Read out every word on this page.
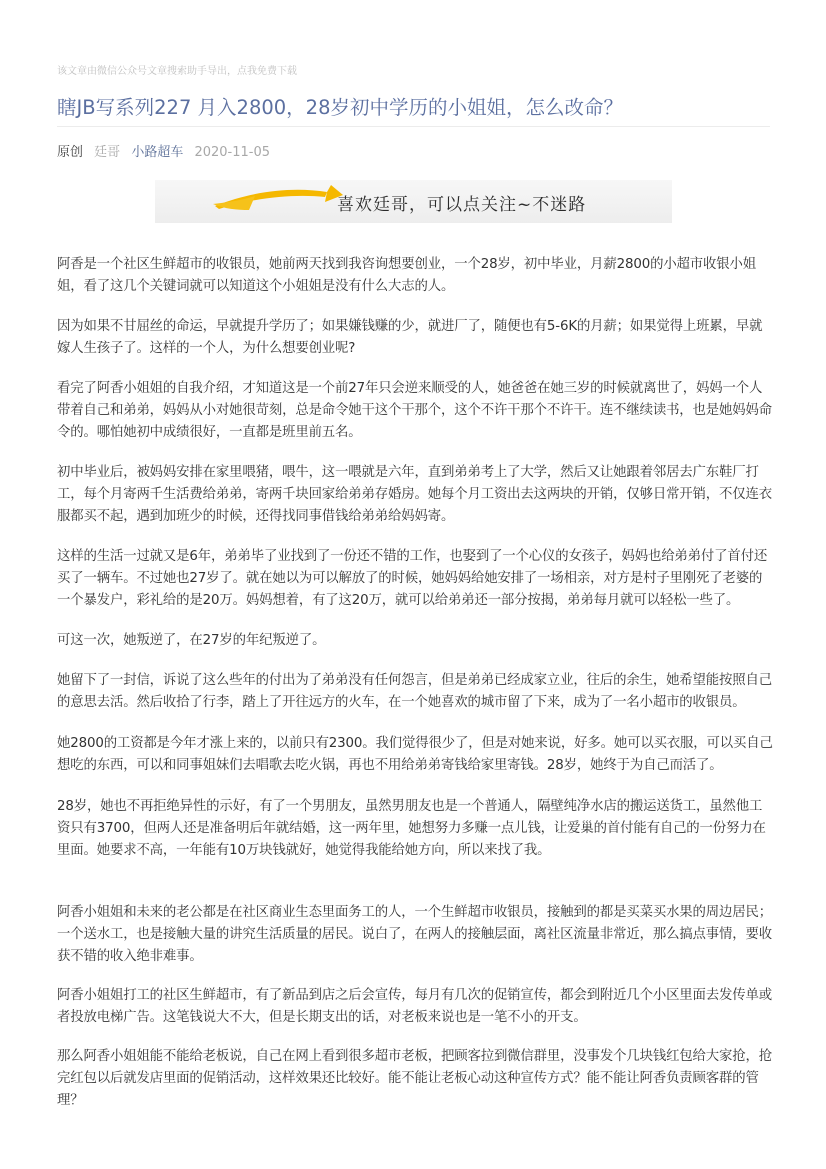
该文章由微信公众号文章搜索助手导出，点我免费下载
瞎JB写系列227 月入2800，28岁初中学历的小姐姐，怎么改命？
原创 廷哥 小路超车 2020-11-05
喜欢廷哥，可以点关注~不迷路

阿香是一个社区生鲜超市的收银员，她前两天找到我咨询想要创业，一个28岁，初中毕业，月薪2800的小超市收银小姐姐，看了这几个关键词就可以知道这个小姐姐是没有什么大志的人。

因为如果不甘屈丝的命运，早就提升学历了；如果嫌钱赚的少，就进厂了，随便也有5-6K的月薪；如果觉得上班累，早就嫁人生孩子了。这样的一个人，为什么想要创业呢?

看完了阿香小姐姐的自我介绍，才知道这是一个前27年只会逆来顺受的人，她爸爸在她三岁的时候就离世了，妈妈一个人带着自己和弟弟，妈妈从小对她很苛刻，总是命令她干这个干那个，这个不许干那个不许干。连不继续读书，也是她妈妈命令的。哪怕她初中成绩很好，一直都是班里前五名。

初中毕业后，被妈妈安排在家里喂猪，喂牛，这一喂就是六年，直到弟弟考上了大学，然后又让她跟着邻居去广东鞋厂打工，每个月寄两千生活费给弟弟，寄两千块回家给弟弟存婚房。她每个月工资出去这两块的开销，仅够日常开销，不仅连衣服都买不起，遇到加班少的时候，还得找同事借钱给弟弟给妈妈寄。

这样的生活一过就又是6年，弟弟毕了业找到了一份还不错的工作，也娶到了一个心仪的女孩子，妈妈也给弟弟付了首付还买了一辆车。不过她也27岁了。就在她以为可以解放了的时候，她妈妈给她安排了一场相亲，对方是村子里刚死了老婆的一个暴发户，彩礼给的是20万。妈妈想着，有了这20万，就可以给弟弟还一部分按揭，弟弟每月就可以轻松一些了。

可这一次，她叛逆了，在27岁的年纪叛逆了。

她留下了一封信，诉说了这么些年的付出为了弟弟没有任何怨言，但是弟弟已经成家立业，往后的余生，她希望能按照自己的意思去活。然后收拾了行李，踏上了开往远方的火车，在一个她喜欢的城市留了下来，成为了一名小超市的收银员。

她2800的工资都是今年才涨上来的，以前只有2300。我们觉得很少了，但是对她来说，好多。她可以买衣服，可以买自己想吃的东西，可以和同事姐妹们去唱歌去吃火锅，再也不用给弟弟寄钱给家里寄钱。28岁，她终于为自己而活了。

28岁，她也不再拒绝异性的示好，有了一个男朋友，虽然男朋友也是一个普通人，隔壁纯净水店的搬运送货工，虽然他工资只有3700，但两人还是准备明后年就结婚，这一两年里，她想努力多赚一点儿钱，让爱巢的首付能有自己的一份努力在里面。她要求不高，一年能有10万块钱就好，她觉得我能给她方向，所以来找了我。

阿香小姐姐和未来的老公都是在社区商业生态里面务工的人，一个生鲜超市收银员，接触到的都是买菜买水果的周边居民；一个送水工，也是接触大量的讲究生活质量的居民。说白了，在两人的接触层面，离社区流量非常近，那么搞点事情，要收获不错的收入绝非难事。

阿香小姐姐打工的社区生鲜超市，有了新品到店之后会宣传，每月有几次的促销宣传，都会到附近几个小区里面去发传单或者投放电梯广告。这笔钱说大不大，但是长期支出的话，对老板来说也是一笔不小的开支。

那么阿香小姐姐能不能给老板说，自己在网上看到很多超市老板，把顾客拉到微信群里，没事发个几块钱红包给大家抢，抢完红包以后就发店里面的促销活动，这样效果还比较好。能不能让老板心动这种宣传方式？能不能让阿香负责顾客群的管理？
